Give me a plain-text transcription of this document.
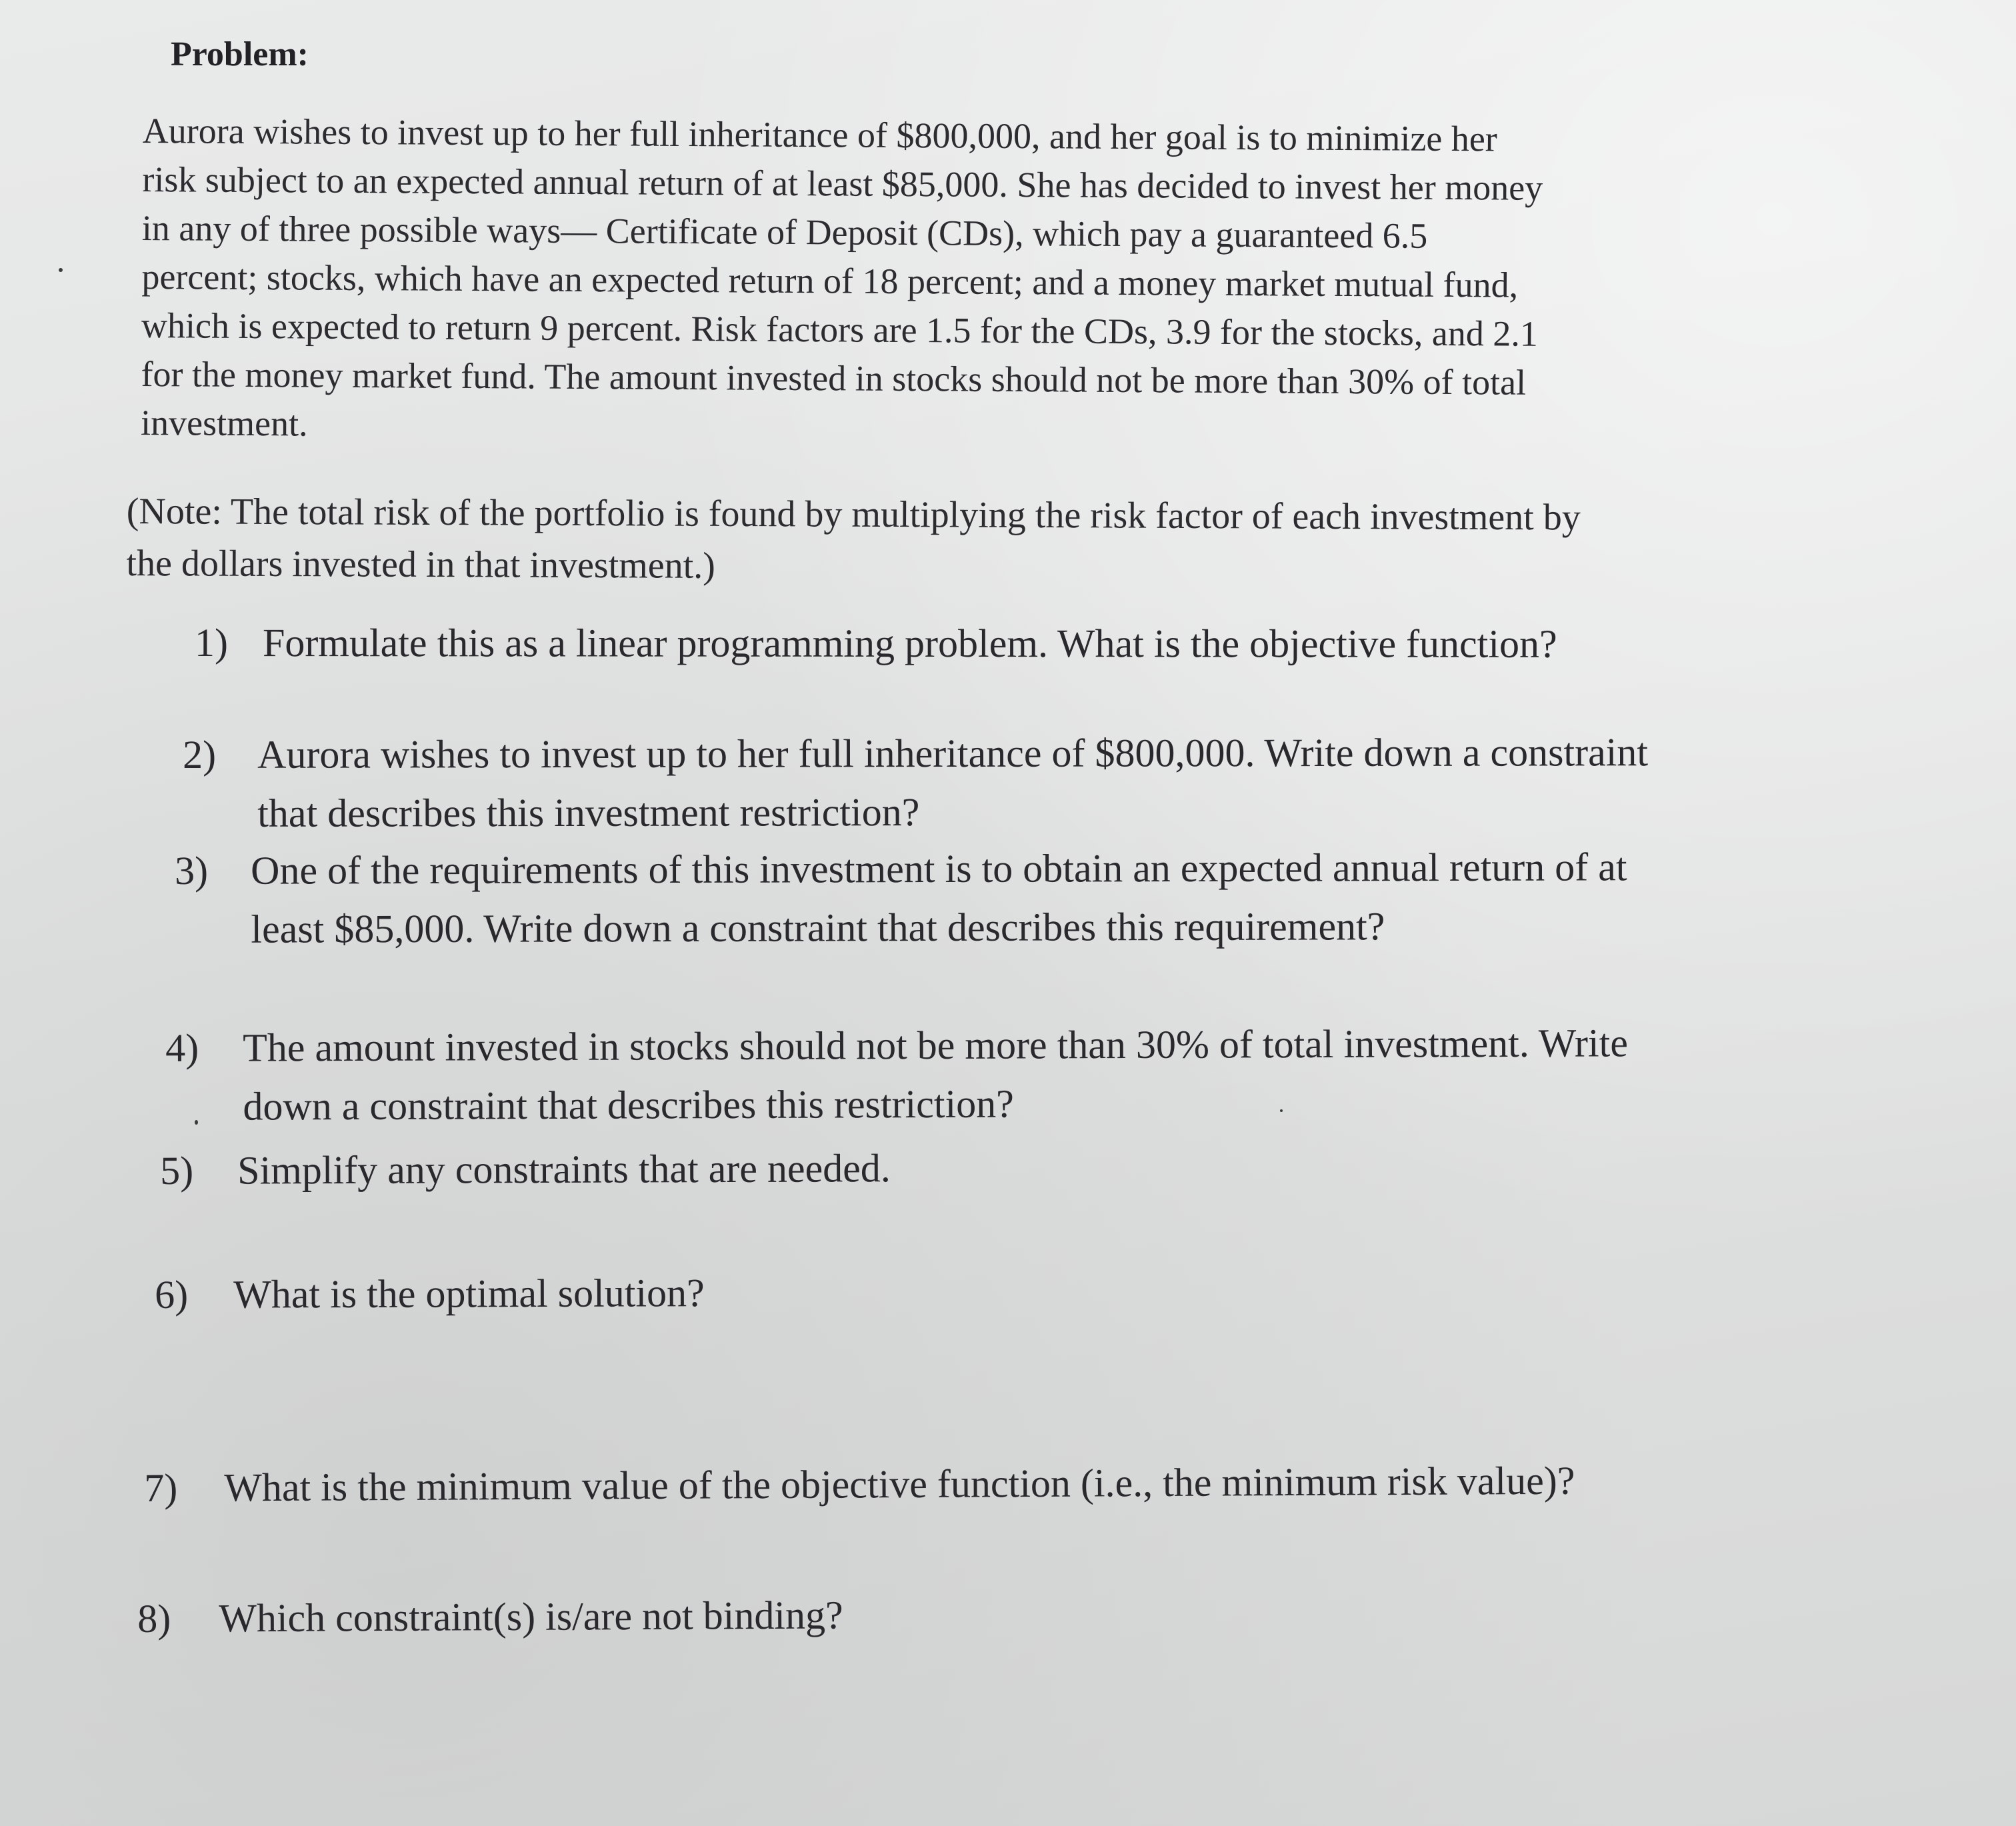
Problem:

Aurora wishes to invest up to her full inheritance of $800,000, and her goal is to minimize her
risk subject to an expected annual return of at least $85,000. She has decided to invest her money
in any of three possible ways— Certificate of Deposit (CDs), which pay a guaranteed 6.5
percent; stocks, which have an expected return of 18 percent; and a money market mutual fund,
which is expected to return 9 percent. Risk factors are 1.5 for the CDs, 3.9 for the stocks, and 2.1
for the money market fund. The amount invested in stocks should not be more than 30% of total
investment.

(Note: The total risk of the portfolio is found by multiplying the risk factor of each investment by
the dollars invested in that investment.)

1) Formulate this as a linear programming problem. What is the objective function?
2) Aurora wishes to invest up to her full inheritance of $800,000. Write down a constraint
that describes this investment restriction?
3) One of the requirements of this investment is to obtain an expected annual return of at
least $85,000. Write down a constraint that describes this requirement?
4) The amount invested in stocks should not be more than 30% of total investment. Write
down a constraint that describes this restriction?
5) Simplify any constraints that are needed.
6) What is the optimal solution?
7) What is the minimum value of the objective function (i.e., the minimum risk value)?
8) Which constraint(s) is/are not binding?
